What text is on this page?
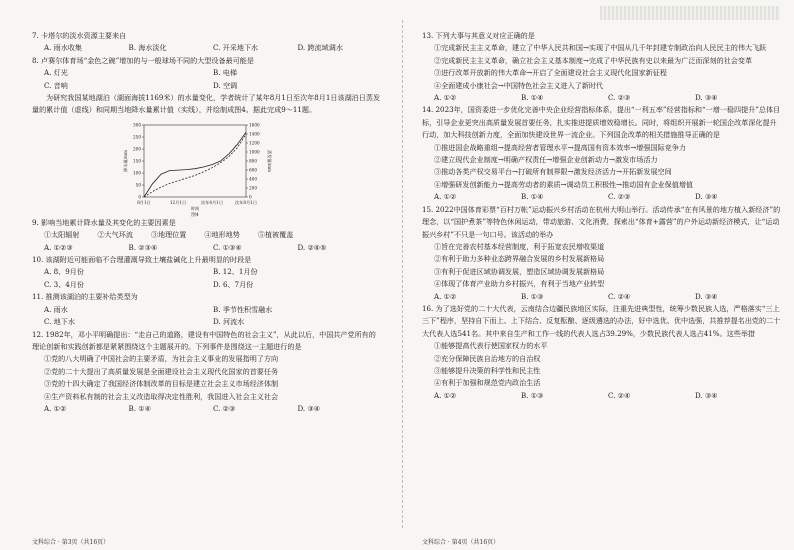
7. 卡塔尔的淡水资源主要来自

A. 雨水收集	B. 海水淡化	C. 开采地下水	D. 跨流域调水

8. 卢赛尔体育场“金色之碗”增加的与一般球场不同的大型设备最可能是

A. 灯光	B. 电梯
C. 音响	D. 空调

为研究我国某地湖泊（湖面海拔1169米）的水量变化，学者统计了某年8月1日至次年8月1日该湖泊日蒸发量的累计值（虚线）和同期当地降水量累计值（实线），并绘制成图4。据此完成9～11题。

0
50
100
150
200
250
300
0
200
400
600
800
1000
1200
1400
1600
降水量/mm	蒸发量/mm
8月1日	12月1日	次年4月1日	次年8月1日
时间
图4

9. 影响当地累计降水量及其变化的主要因素是

①太阳辐射	②大气环流	③地理位置	④地形地势	⑤植被覆盖
A. ①②③	B. ②③④	C. ①③④	D. ②④⑤

10. 该湖附近可能面临不合理灌溉导致土壤盐碱化上升最明显的时段是

A. 8、9月份	B. 12、1月份
C. 3、4月份	D. 6、7月份

11. 推测该湖泊的主要补给类型为

A. 雨水	B. 季节性积雪融水
C. 地下水	D. 河流水

12. 1982年，邓小平明确提出：“走自己的道路，建设有中国特色的社会主义”，从此以后，中国共产党所有的理论创新和实践创新都是紧紧围绕这个主题展开的。下列事件是围绕这一主题进行的是

①党的八大明确了中国社会的主要矛盾，为社会主义事业的发展指明了方向
②党的二十大提出了高质量发展是全面建设社会主义现代化国家的首要任务
③党的十四大确定了我国经济体制改革的目标是建立社会主义市场经济体制
④生产资料私有制的社会主义改造取得决定性胜利，我国进入社会主义社会
A. ①②	B. ①④	C. ②③	D. ③④

13. 下列大事与其意义对应正确的是

①完成新民主主义革命，建立了中华人民共和国→实现了中国从几千年封建专制政治向人民民主的伟大飞跃
②完成新民主主义革命，确立社会主义基本制度→完成了中华民族有史以来最为广泛而深刻的社会变革
③进行改革开放新的伟大革命→开启了全面建设社会主义现代化国家新征程
④全面建成小康社会→中国特色社会主义进入了新时代
A. ①②	B. ①④	C. ②③	D. ③④

14. 2023年，国资委进一步优化完善中央企业经营指标体系，提出“一利五率”经营指标和“一增一稳四提升”总体目标，引导企业更突出高质量发展首要任务，扎实推进提质增效稳增长。同时，将组织开展新一轮国企改革深化提升行动，加大科技创新力度，全面加快建设世界一流企业。下列国企改革的相关措施推导正确的是

①推进国企战略重组→提高经营者管理水平→提高国有资本效率→增强国际竞争力
②建立现代企业制度→明确产权责任→增强企业创新动力→激发市场活力
③推动各类产权交易平台→打破所有制界限→激发经济活力→开拓新发展空间
④增强研发创新能力→提高劳动者的素质→调动员工积极性→推动国有企业保值增值
A. ①②	B. ①④	C. ②③	D. ③④

15. 2022中国体育彩票“百村万帐”运动振兴乡村活动在杭州大明山举行。活动传承“在有风景的地方植入新经济”的理念，以“国护煮茶”等特色休闲运动，带动旅游、文化消费，探索出“体育+露营”的户外运动新经济模式，让“运动振兴乡村”不只是一句口号。该活动的举办

①旨在完善农村基本经营制度，利于拓宽农民增收渠道
②有利于助力多种业态跨界融合发展的乡村发展新格局
③有利于促进区域协调发展，塑造区域协调发展新格局
④体现了体育产业助力乡村振兴，有利于当地产业转型
A. ①②	B. ①③	C. ②④	D. ③④

16. 为了选好党的二十大代表，云南结合边疆民族地区实际，注重先进典型性，统筹少数民族人选，严格落实“三上三下”程序，坚持自下而上、上下结合、反复酝酿、逐级遴选的办法，好中选优、优中选强，共推荐提名出党的二十大代表人选541名。其中来自生产和工作一线的代表人选占39.29%，少数民族代表人选占41%。这些举措

①能够提高代表行使国家权力的水平
②充分保障民族自治地方的自治权
③能够提升决策的科学性和民主性
④有利于加强和规范党内政治生活
A. ①②	B. ①③	C. ②④	D. ③④
文科综合 · 第3页（共16页）	文科综合 · 第4页（共16页）
